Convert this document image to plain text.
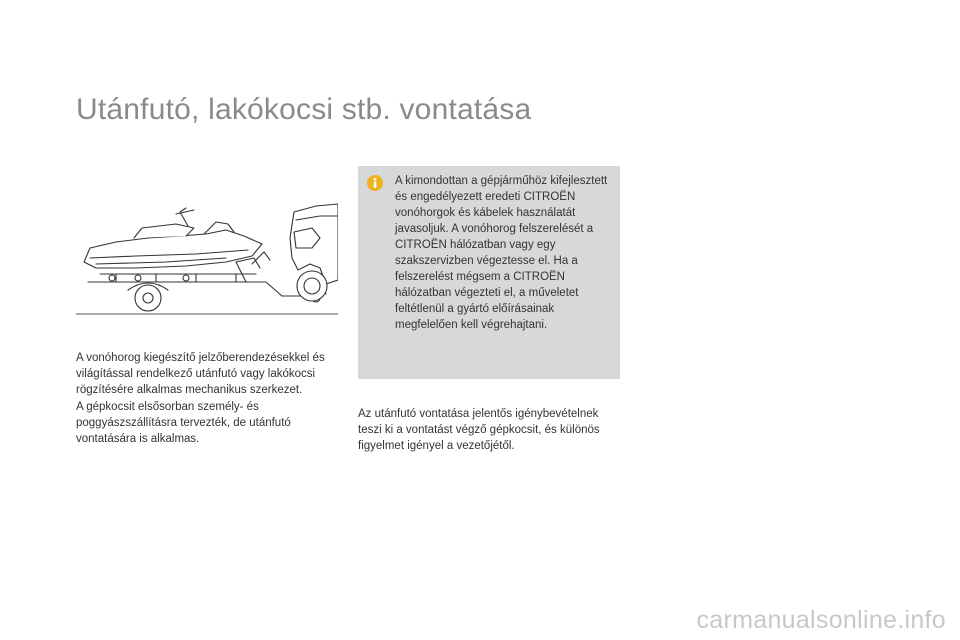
Utánfutó, lakókocsi stb. vontatása

A vonóhorog kiegészítő jelzőberendezésekkel és világítással rendelkező utánfutó vagy lakókocsi rögzítésére alkalmas mechanikus szerkezet.

A gépkocsit elsősorban személy- és poggyászszállításra tervezték, de utánfutó vontatására is alkalmas.

A kimondottan a gépjárműhöz kifejlesztett és engedélyezett eredeti CITROËN vonóhorgok és kábelek használatát javasoljuk. A vonóhorog felszerelését a CITROËN hálózatban vagy egy szakszervizben végeztesse el. Ha a felszerelést mégsem a CITROËN hálózatban végezteti el, a műveletet feltétlenül a gyártó előírásainak megfelelően kell végrehajtani.

Az utánfutó vontatása jelentős igénybevételnek teszi ki a vontatást végző gépkocsit, és különös figyelmet igényel a vezetőjétől.

carmanualsonline.info
